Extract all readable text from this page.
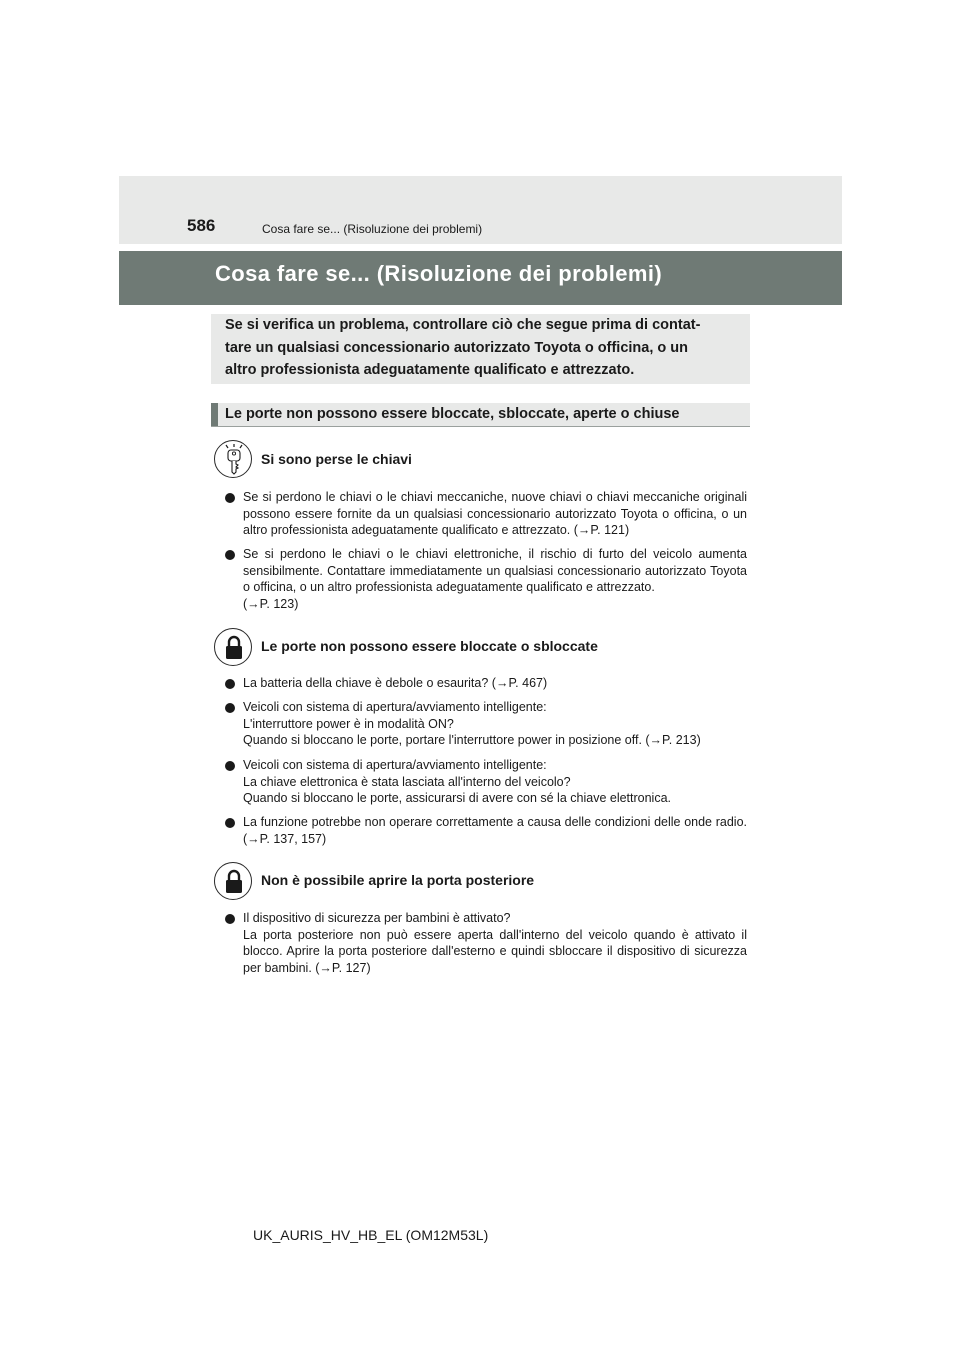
586	Cosa fare se... (Risoluzione dei problemi)
Cosa fare se... (Risoluzione dei problemi)

Se si verifica un problema, controllare ciò che segue prima di contat-
tare un qualsiasi concessionario autorizzato Toyota o officina, o un
altro professionista adeguatamente qualificato e attrezzato.

Le porte non possono essere bloccate, sbloccate, aperte o chiuse
Si sono perse le chiavi

Se si perdono le chiavi o le chiavi meccaniche, nuove chiavi o chiavi meccaniche originali possono essere fornite da un qualsiasi concessionario autorizzato Toyota o officina, o un altro professionista adeguatamente qualificato e attrezzato. (→P. 121)

Se si perdono le chiavi o le chiavi elettroniche, il rischio di furto del veicolo aumenta sensibilmente. Contattare immediatamente un qualsiasi concessionario autorizzato Toyota o officina, o un altro professionista adeguatamente qualificato e attrezzato.
(→P. 123)

Le porte non possono essere bloccate o sbloccate

La batteria della chiave è debole o esaurita? (→P. 467)

Veicoli con sistema di apertura/avviamento intelligente:
L'interruttore power è in modalità ON?
Quando si bloccano le porte, portare l'interruttore power in posizione off. (→P. 213)

Veicoli con sistema di apertura/avviamento intelligente:
La chiave elettronica è stata lasciata all'interno del veicolo?
Quando si bloccano le porte, assicurarsi di avere con sé la chiave elettronica.

La funzione potrebbe non operare correttamente a causa delle condizioni delle onde radio. (→P. 137, 157)

Non è possibile aprire la porta posteriore

Il dispositivo di sicurezza per bambini è attivato?
La porta posteriore non può essere aperta dall'interno del veicolo quando è attivato il blocco. Aprire la porta posteriore dall'esterno e quindi sbloccare il dispositivo di sicurezza per bambini. (→P. 127)

UK_AURIS_HV_HB_EL (OM12M53L)
